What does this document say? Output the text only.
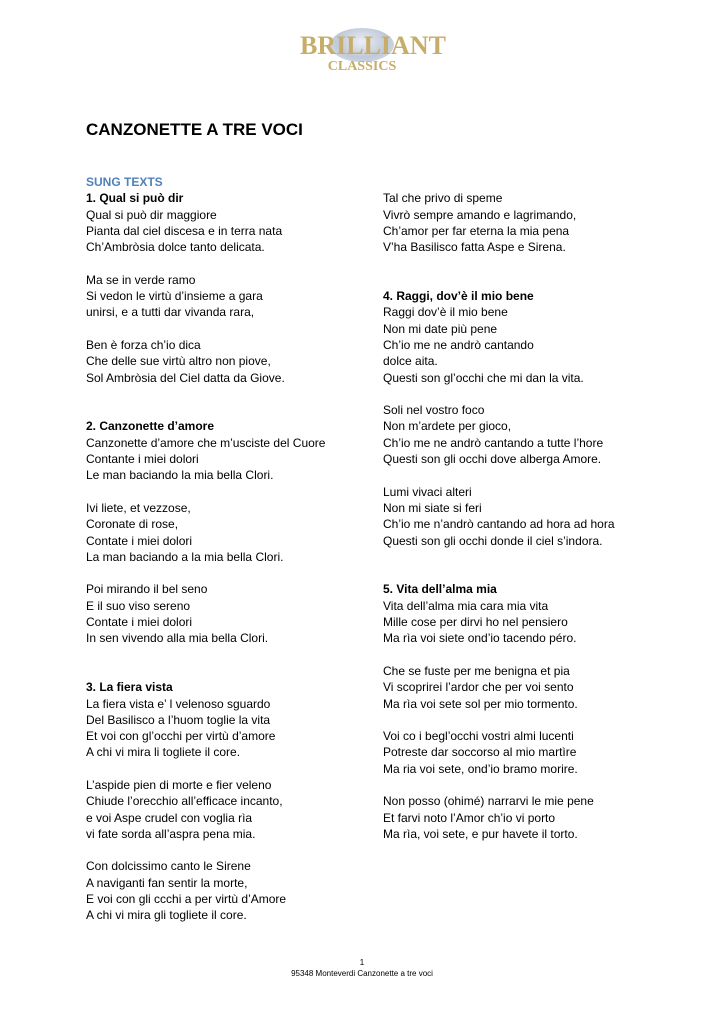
BRILLIANT
CLASSICS
CANZONETTE A TRE VOCI

SUNG TEXTS

1. Qual si può dir

Qual si può dir maggiore

Pianta dal ciel discesa e in terra nata

Ch’Ambròsia dolce tanto delicata.

Ma se in verde ramo

Si vedon le virtù d’insieme a gara

unirsi, e a tutti dar vivanda rara,

Ben è forza ch’io dica

Che delle sue virtù altro non piove,

Sol Ambròsia del Ciel datta da Giove.

2. Canzonette d’amore

Canzonette d’amore che m’usciste del Cuore

Contante i miei dolori

Le man baciando la mia bella Clori.

Ivi liete, et vezzose,

Coronate di rose,

Contate i miei dolori

La man baciando a la mia bella Clori.

Poi mirando il bel seno

E il suo viso sereno

Contate i miei dolori

In sen vivendo alla mia bella Clori.

3. La fiera vista

La fiera vista e’ l velenoso sguardo

Del Basilisco a l’huom toglie la vita

Et voi con gl’occhi per virtù d’amore

A chi vi mira li togliete il core.

L’aspide pien di morte e fier veleno

Chiude l’orecchio all’efficace incanto,

e voi Aspe crudel con voglia rìa

vi fate sorda all’aspra pena mia.

Con dolcissimo canto le Sirene

A naviganti fan sentir la morte,

E voi con gli ccchi a per virtù d’Amore

A chi vi mira gli togliete il core.

Tal che privo di speme

Vivrò sempre amando e lagrimando,

Ch’amor per far eterna la mia pena

V’ha Basilisco fatta Aspe e Sirena.

4. Raggi, dov’è il mio bene

Raggi dov’è il mio bene

Non mi date più pene

Ch’io me ne andrò cantando

dolce aita.

Questi son gl’occhi che mi dan la vita.

Soli nel vostro foco

Non m’ardete per gioco,

Ch’io me ne andrò cantando a tutte l’hore

Questi son gli occhi dove alberga Amore.

Lumi vivaci alteri

Non mi siate si feri

Ch’io me n’andrò cantando ad hora ad hora

Questi son gli occhi donde il ciel s’indora.

5. Vita dell’alma mia

Vita dell’alma mia cara mia vita

Mille cose per dirvi ho nel pensiero

Ma rìa voi siete ond’io tacendo péro.

Che se fuste per me benigna et pia

Vi scoprirei l’ardor che per voi sento

Ma rìa voi sete sol per mio tormento.

Voi co i begl’occhi vostri almi lucenti

Potreste dar soccorso al mio martìre

Ma ria voi sete, ond’io bramo morire.

Non posso (ohimé) narrarvi le mie pene

Et farvi noto l’Amor ch’io vi porto

Ma rìa, voi sete, e pur havete il torto.

1
95348 Monteverdi Canzonette a tre voci
